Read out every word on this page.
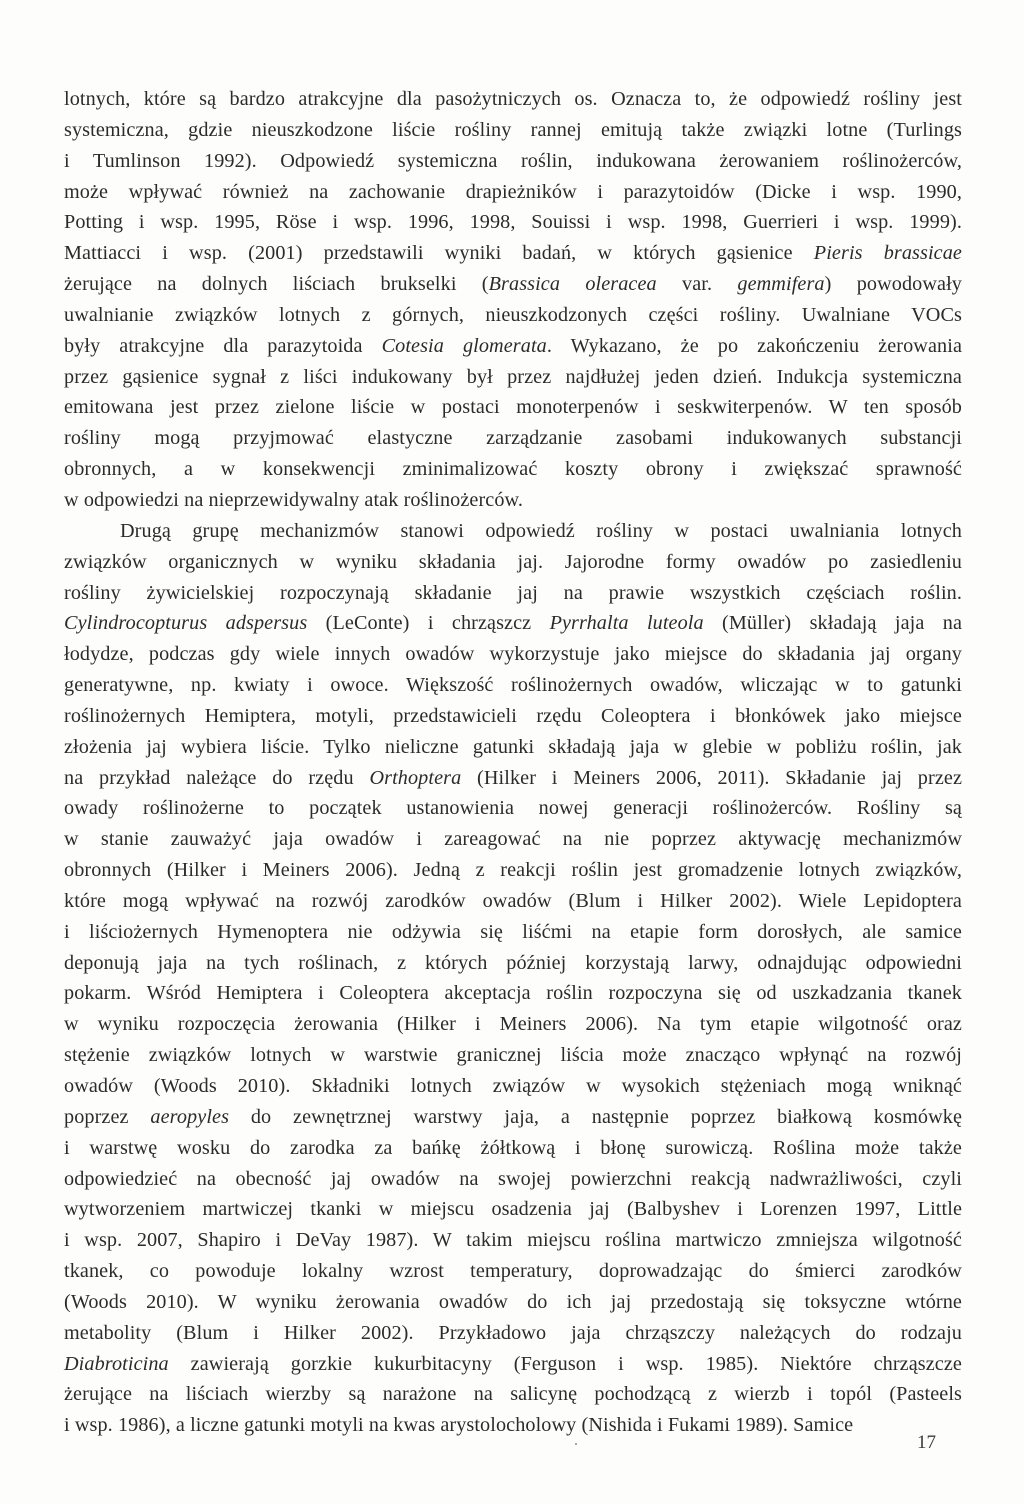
lotnych, które są bardzo atrakcyjne dla pasożytniczych os. Oznacza to, że odpowiedź rośliny jest
systemiczna, gdzie nieuszkodzone liście rośliny rannej emitują także związki lotne (Turlings
i Tumlinson 1992). Odpowiedź systemiczna roślin, indukowana żerowaniem roślinożerców,
może wpływać również na zachowanie drapieżników i parazytoidów (Dicke i wsp. 1990,
Potting i wsp. 1995, Röse i wsp. 1996, 1998, Souissi i wsp. 1998, Guerrieri i wsp. 1999).
Mattiacci i wsp. (2001) przedstawili wyniki badań, w których gąsienice Pieris brassicae
żerujące na dolnych liściach brukselki (Brassica oleracea var. gemmifera) powodowały
uwalnianie związków lotnych z górnych, nieuszkodzonych części rośliny. Uwalniane VOCs
były atrakcyjne dla parazytoida Cotesia glomerata. Wykazano, że po zakończeniu żerowania
przez gąsienice sygnał z liści indukowany był przez najdłużej jeden dzień. Indukcja systemiczna
emitowana jest przez zielone liście w postaci monoterpenów i seskwiterpenów. W ten sposób
rośliny mogą przyjmować elastyczne zarządzanie zasobami indukowanych substancji
obronnych, a w konsekwencji zminimalizować koszty obrony i zwiększać sprawność
w odpowiedzi na nieprzewidywalny atak roślinożerców.
Drugą grupę mechanizmów stanowi odpowiedź rośliny w postaci uwalniania lotnych
związków organicznych w wyniku składania jaj. Jajorodne formy owadów po zasiedleniu
rośliny żywicielskiej rozpoczynają składanie jaj na prawie wszystkich częściach roślin.
Cylindrocopturus adspersus (LeConte) i chrząszcz Pyrrhalta luteola (Müller) składają jaja na
łodydze, podczas gdy wiele innych owadów wykorzystuje jako miejsce do składania jaj organy
generatywne, np. kwiaty i owoce. Większość roślinożernych owadów, wliczając w to gatunki
roślinożernych Hemiptera, motyli, przedstawicieli rzędu Coleoptera i błonkówek jako miejsce
złożenia jaj wybiera liście. Tylko nieliczne gatunki składają jaja w glebie w pobliżu roślin, jak
na przykład należące do rzędu Orthoptera (Hilker i Meiners 2006, 2011). Składanie jaj przez
owady roślinożerne to początek ustanowienia nowej generacji roślinożerców. Rośliny są
w stanie zauważyć jaja owadów i zareagować na nie poprzez aktywację mechanizmów
obronnych (Hilker i Meiners 2006). Jedną z reakcji roślin jest gromadzenie lotnych związków,
które mogą wpływać na rozwój zarodków owadów (Blum i Hilker 2002). Wiele Lepidoptera
i liściożernych Hymenoptera nie odżywia się liśćmi na etapie form dorosłych, ale samice
deponują jaja na tych roślinach, z których później korzystają larwy, odnajdując odpowiedni
pokarm. Wśród Hemiptera i Coleoptera akceptacja roślin rozpoczyna się od uszkadzania tkanek
w wyniku rozpoczęcia żerowania (Hilker i Meiners 2006). Na tym etapie wilgotność oraz
stężenie związków lotnych w warstwie granicznej liścia może znacząco wpłynąć na rozwój
owadów (Woods 2010). Składniki lotnych związów w wysokich stężeniach mogą wniknąć
poprzez aeropyles do zewnętrznej warstwy jaja, a następnie poprzez białkową kosmówkę
i warstwę wosku do zarodka za bańkę żółtkową i błonę surowiczą. Roślina może także
odpowiedzieć na obecność jaj owadów na swojej powierzchni reakcją nadwrażliwości, czyli
wytworzeniem martwiczej tkanki w miejscu osadzenia jaj (Balbyshev i Lorenzen 1997, Little
i wsp. 2007, Shapiro i DeVay 1987). W takim miejscu roślina martwiczo zmniejsza wilgotność
tkanek, co powoduje lokalny wzrost temperatury, doprowadzając do śmierci zarodków
(Woods 2010). W wyniku żerowania owadów do ich jaj przedostają się toksyczne wtórne
metabolity (Blum i Hilker 2002). Przykładowo jaja chrząszczy należących do rodzaju
Diabroticina zawierają gorzkie kukurbitacyny (Ferguson i wsp. 1985). Niektóre chrząszcze
żerujące na liściach wierzby są narażone na salicynę pochodzącą z wierzb i topól (Pasteels
i wsp. 1986), a liczne gatunki motyli na kwas arystolocholowy (Nishida i Fukami 1989). Samice
17
